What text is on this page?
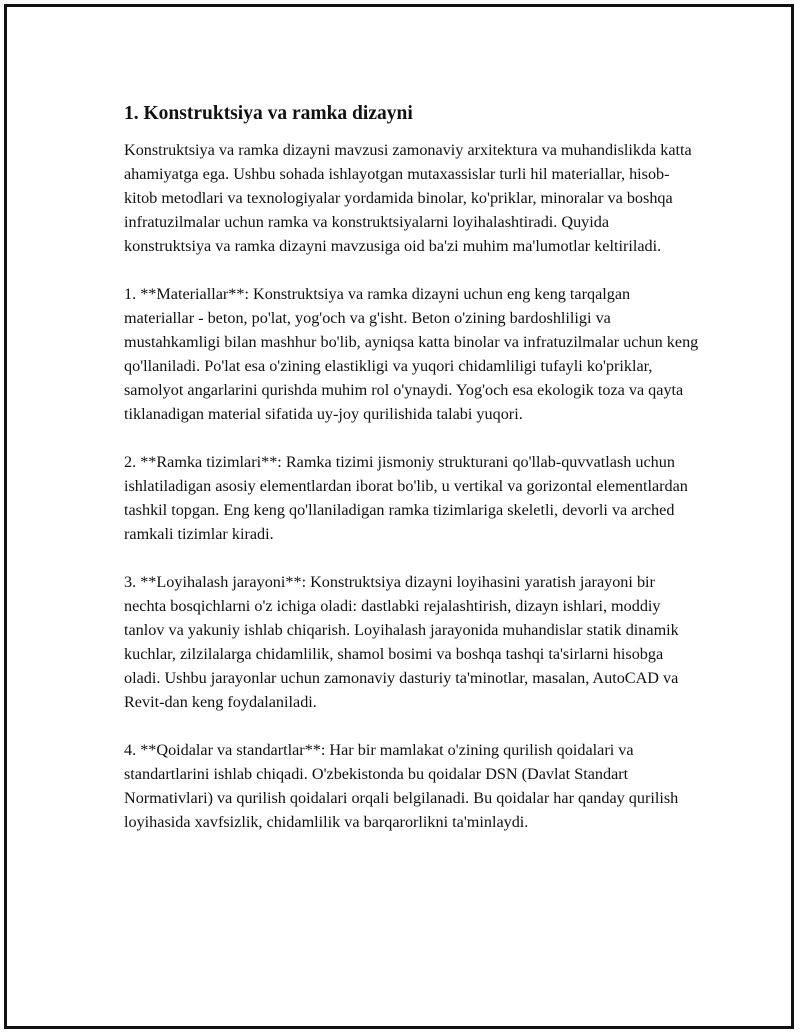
1. Konstruktsiya va ramka dizayni

Konstruktsiya va ramka dizayni mavzusi zamonaviy arxitektura va muhandislikda katta ahamiyatga ega. Ushbu sohada ishlayotgan mutaxassislar turli hil materiallar, hisob-kitob metodlari va texnologiyalar yordamida binolar, ko'priklar, minoralar va boshqa infratuzilmalar uchun ramka va konstruktsiyalarni loyihalashtiradi. Quyida konstruktsiya va ramka dizayni mavzusiga oid ba'zi muhim ma'lumotlar keltiriladi.

1. **Materiallar**: Konstruktsiya va ramka dizayni uchun eng keng tarqalgan materiallar - beton, po'lat, yog'och va g'isht. Beton o'zining bardoshliligi va mustahkamligi bilan mashhur bo'lib, ayniqsa katta binolar va infratuzilmalar uchun keng qo'llaniladi. Po'lat esa o'zining elastikligi va yuqori chidamliligi tufayli ko'priklar, samolyot angarlarini qurishda muhim rol o'ynaydi. Yog'och esa ekologik toza va qayta tiklanadigan material sifatida uy-joy qurilishida talabi yuqori.

2. **Ramka tizimlari**: Ramka tizimi jismoniy strukturani qo'llab-quvvatlash uchun ishlatiladigan asosiy elementlardan iborat bo'lib, u vertikal va gorizontal elementlardan tashkil topgan. Eng keng qo'llaniladigan ramka tizimlariga skeletli, devorli va arched ramkali tizimlar kiradi.

3. **Loyihalash jarayoni**: Konstruktsiya dizayni loyihasini yaratish jarayoni bir nechta bosqichlarni o'z ichiga oladi: dastlabki rejalashtirish, dizayn ishlari, moddiy tanlov va yakuniy ishlab chiqarish. Loyihalash jarayonida muhandislar statik dinamik kuchlar, zilzilalarga chidamlilik, shamol bosimi va boshqa tashqi ta'sirlarni hisobga oladi. Ushbu jarayonlar uchun zamonaviy dasturiy ta'minotlar, masalan, AutoCAD va Revit-dan keng foydalaniladi.

4. **Qoidalar va standartlar**: Har bir mamlakat o'zining qurilish qoidalari va standartlarini ishlab chiqadi. O'zbekistonda bu qoidalar DSN (Davlat Standart Normativlari) va qurilish qoidalari orqali belgilanadi. Bu qoidalar har qanday qurilish loyihasida xavfsizlik, chidamlilik va barqarorlikni ta'minlaydi.
